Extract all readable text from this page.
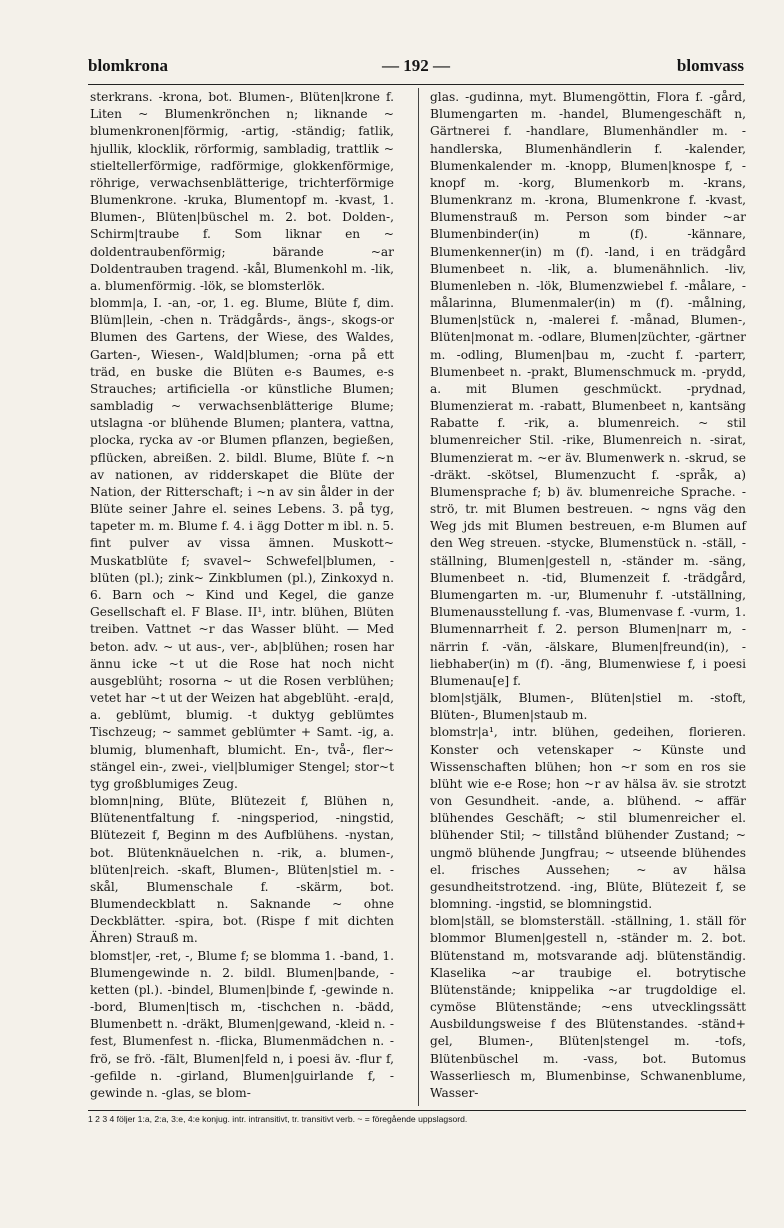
blomkrona	— 192 —	blomvass

sterkrans. -krona, bot. Blumen-, Blüten|krone f. Liten ~ Blumenkrönchen n; liknande ~ blumenkronen|förmig, -artig, -ständig; fatlik, hjullik, klocklik, rörformig, sambladig, trattlik ~ stieltellerförmige, radförmige, glokkenförmige, röhrige, verwachsenblätterige, trichterförmige Blumenkrone. -kruka, Blumentopf m. -kvast, 1. Blumen-, Blüten|büschel m. 2. bot. Dolden-, Schirm|traube f. Som liknar en ~ doldentraubenförmig; bärande ~ar Doldentrauben tragend. -kål, Blumenkohl m. -lik, a. blumenförmig. -lök, se blomsterlök.

blomm|a, I. -an, -or, 1. eg. Blume, Blüte f, dim. Blüm|lein, -chen n. Trädgårds-, ängs-, skogs-or Blumen des Gartens, der Wiese, des Waldes, Garten-, Wiesen-, Wald|blumen; -orna på ett träd, en buske die Blüten e-s Baumes, e-s Strauches; artificiella -or künstliche Blumen; sambladig ~ verwachsenblätterige Blume; utslagna -or blühende Blumen; plantera, vattna, plocka, rycka av -or Blumen pflanzen, begießen, pflücken, abreißen. 2. bildl. Blume, Blüte f. ~n av nationen, av ridderskapet die Blüte der Nation, der Ritterschaft; i ~n av sin ålder in der Blüte seiner Jahre el. seines Lebens. 3. på tyg, tapeter m. m. Blume f. 4. i ägg Dotter m ibl. n. 5. fint pulver av vissa ämnen. Muskott~ Muskatblüte f; svavel~ Schwefel|blumen, -blüten (pl.); zink~ Zinkblumen (pl.), Zinkoxyd n. 6. Barn och ~ Kind und Kegel, die ganze Gesellschaft el. F Blase. II¹, intr. blühen, Blüten treiben. Vattnet ~r das Wasser blüht. — Med beton. adv. ~ ut aus-, ver-, ab|blühen; rosen har ännu icke ~t ut die Rose hat noch nicht ausgeblüht; rosorna ~ ut die Rosen verblühen; vetet har ~t ut der Weizen hat abgeblüht. -era|d, a. geblümt, blumig. -t duktyg geblümtes Tischzeug; ~ sammet geblümter + Samt. -ig, a. blumig, blumenhaft, blumicht. En-, två-, fler~ stängel ein-, zwei-, viel|blumiger Stengel; stor~t tyg großblumiges Zeug.

blomn|ning, Blüte, Blütezeit f, Blühen n, Blütenentfaltung f. -ningsperiod, -ningstid, Blütezeit f, Beginn m des Aufblühens. -nystan, bot. Blütenknäuelchen n. -rik, a. blumen-, blüten|reich. -skaft, Blumen-, Blüten|stiel m. -skål, Blumenschale f. -skärm, bot. Blumendeckblatt n. Saknande ~ ohne Deckblätter. -spira, bot. (Rispe f mit dichten Ähren) Strauß m.

blomst|er, -ret, -, Blume f; se blomma 1. -band, 1. Blumengewinde n. 2. bildl. Blumen|bande, -ketten (pl.). -bindel, Blumen|binde f, -gewinde n. -bord, Blumen|tisch m, -tischchen n. -bädd, Blumenbett n. -dräkt, Blumen|gewand, -kleid n. -fest, Blumenfest n. -flicka, Blumenmädchen n. -frö, se frö. -fält, Blumen|feld n, i poesi äv. -flur f, -gefilde n. -girland, Blumen|guirlande f, -gewinde n. -glas, se blom-

glas. -gudinna, myt. Blumengöttin, Flora f. -gård, Blumengarten m. -handel, Blumengeschäft n, Gärtnerei f. -handlare, Blumenhändler m. -handlerska, Blumenhändlerin f. -kalender, Blumenkalender m. -knopp, Blumen|knospe f, -knopf m. -korg, Blumenkorb m. -krans, Blumenkranz m. -krona, Blumenkrone f. -kvast, Blumenstrauß m. Person som binder ~ar Blumenbinder(in) m (f). -kännare, Blumenkenner(in) m (f). -land, i en trädgård Blumenbeet n. -lik, a. blumenähnlich. -liv, Blumenleben n. -lök, Blumenzwiebel f. -målare, -målarinna, Blumenmaler(in) m (f). -målning, Blumen|stück n, -malerei f. -månad, Blumen-, Blüten|monat m. -odlare, Blumen|züchter, -gärtner m. -odling, Blumen|bau m, -zucht f. -parterr, Blumenbeet n. -prakt, Blumenschmuck m. -prydd, a. mit Blumen geschmückt. -prydnad, Blumenzierat m. -rabatt, Blumenbeet n, kantsäng Rabatte f. -rik, a. blumenreich. ~ stil blumenreicher Stil. -rike, Blumenreich n. -sirat, Blumenzierat m. ~er äv. Blumenwerk n. -skrud, se -dräkt. -skötsel, Blumenzucht f. -språk, a) Blumensprache f; b) äv. blumenreiche Sprache. -strö, tr. mit Blumen bestreuen. ~ ngns väg den Weg jds mit Blumen bestreuen, e-m Blumen auf den Weg streuen. -stycke, Blumenstück n. -ställ, -ställning, Blumen|gestell n, -ständer m. -säng, Blumenbeet n. -tid, Blumenzeit f. -trädgård, Blumengarten m. -ur, Blumenuhr f. -utställning, Blumenausstellung f. -vas, Blumenvase f. -vurm, 1. Blumennarrheit f. 2. person Blumen|narr m, -närrin f. -vän, -älskare, Blumen|freund(in), -liebhaber(in) m (f). -äng, Blumenwiese f, i poesi Blumenau[e] f.

blom|stjälk, Blumen-, Blüten|stiel m. -stoft, Blüten-, Blumen|staub m.

blomstr|a¹, intr. blühen, gedeihen, florieren. Konster och vetenskaper ~ Künste und Wissenschaften blühen; hon ~r som en ros sie blüht wie e-e Rose; hon ~r av hälsa äv. sie strotzt von Gesundheit. -ande, a. blühend. ~ affär blühendes Geschäft; ~ stil blumenreicher el. blühender Stil; ~ tillstånd blühender Zustand; ~ ungmö blühende Jungfrau; ~ utseende blühendes el. frisches Aussehen; ~ av hälsa gesundheitstrotzend. -ing, Blüte, Blütezeit f, se blomning. -ingstid, se blomningstid.

blom|ställ, se blomsterställ. -ställning, 1. ställ för blommor Blumen|gestell n, -ständer m. 2. bot. Blütenstand m, motsvarande adj. blütenständig. Klaselika ~ar traubige el. botrytische Blütenstände; knippelika ~ar trugdoldige el. cymöse Blütenstände; ~ens utvecklingssätt Ausbildungsweise f des Blütenstandes. -ständ+ gel, Blumen-, Blüten|stengel m. -tofs, Blütenbüschel m. -vass, bot. Butomus Wasserliesch m, Blumenbinse, Schwanenblume, Wasser-

1 2 3 4 följer 1:a, 2:a, 3:e, 4:e konjug. intr. intransitivt, tr. transitivt verb. ~ = föregående uppslagsord.
